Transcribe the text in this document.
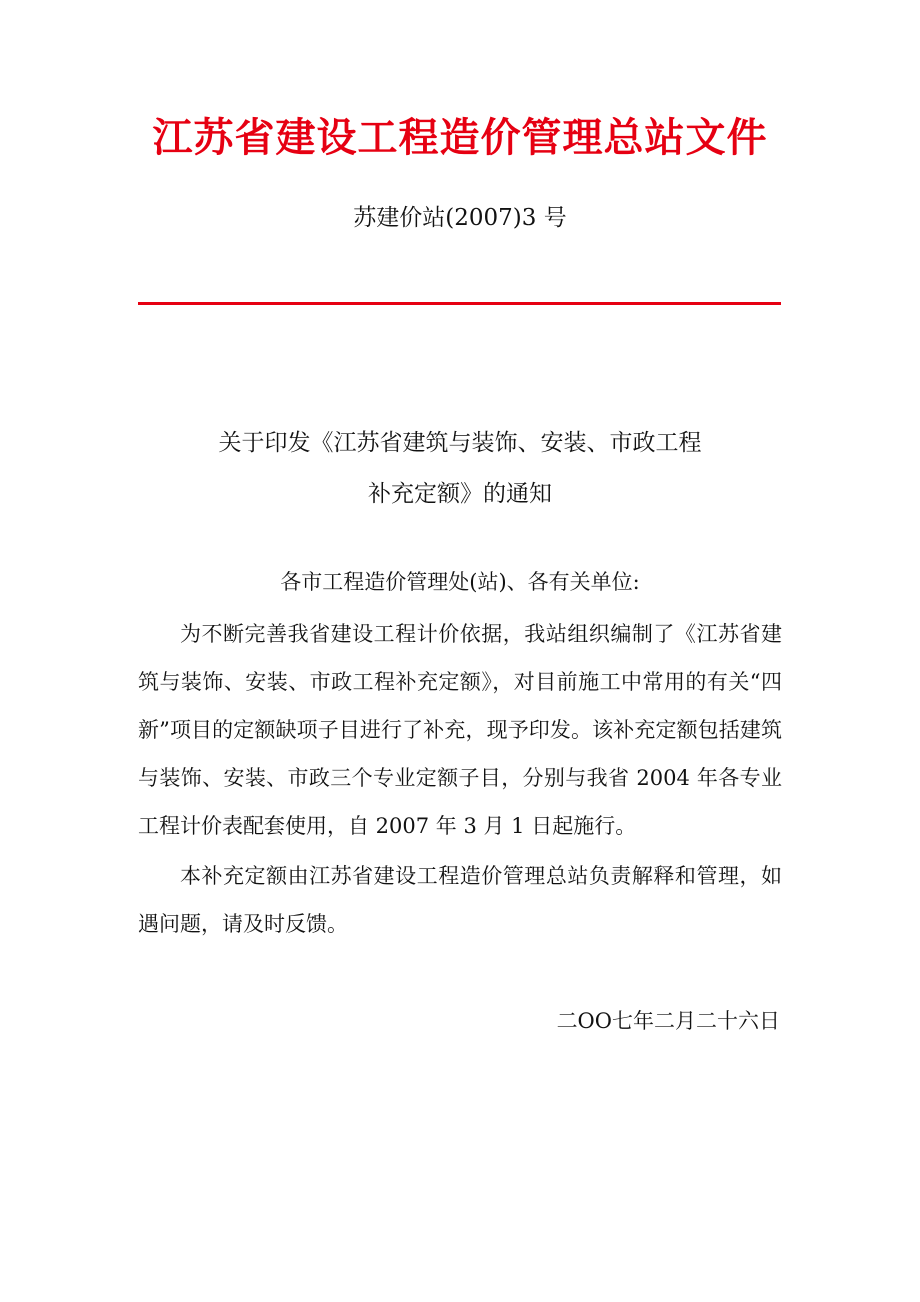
江苏省建设工程造价管理总站文件
苏建价站(2007)3 号
关于印发《江苏省建筑与装饰、安装、市政工程
补充定额》的通知
各市工程造价管理处(站)、各有关单位:
为不断完善我省建设工程计价依据，我站组织编制了《江苏省建筑与装饰、安装、市政工程补充定额》，对目前施工中常用的有关“四新”项目的定额缺项子目进行了补充，现予印发。该补充定额包括建筑与装饰、安装、市政三个专业定额子目，分别与我省 2004 年各专业工程计价表配套使用，自 2007 年 3 月 1 日起施行。
本补充定额由江苏省建设工程造价管理总站负责解释和管理，如遇问题，请及时反馈。
二OO七年二月二十六日
